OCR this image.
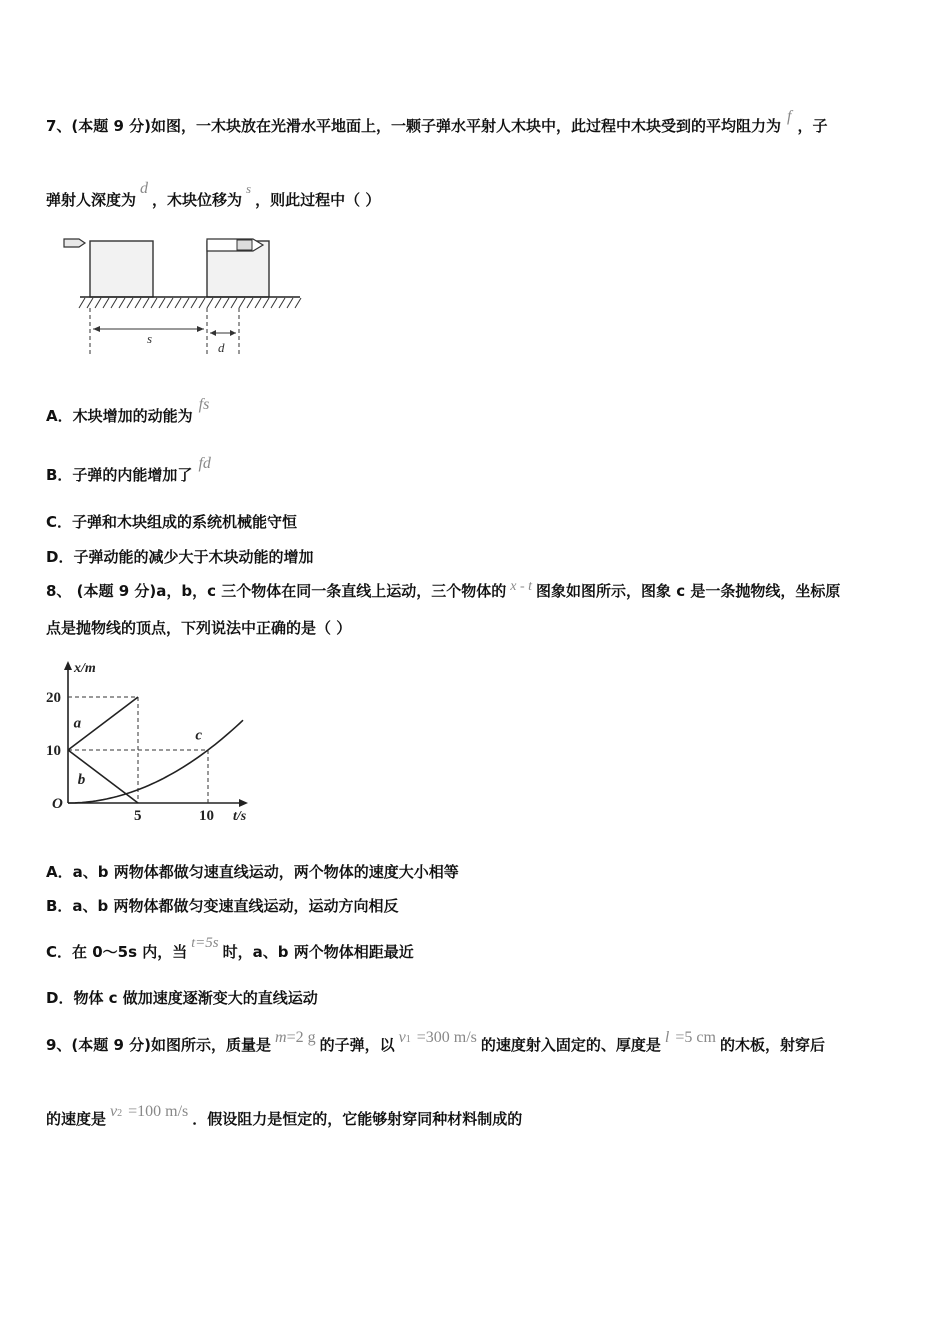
7、(本题 9 分)如图，一木块放在光滑水平地面上，一颗子弹水平射人木块中，此过程中木块受到的平均阻力为f，子
弹射人深度为d，木块位移为s，则此过程中（ ）
s
d
A．木块增加的动能为fs
B．子弹的内能增加了fd
C．子弹和木块组成的系统机械能守恒
D．子弹动能的减少大于木块动能的增加
8、 (本题 9 分)a，b，c 三个物体在同一条直线上运动，三个物体的 x - t 图象如图所示，图象 c 是一条抛物线，坐标原
点是抛物线的顶点，下列说法中正确的是（ ）
x/m
t/s
O
5	10
10
20
a
b
c
A．a、b 两物体都做匀速直线运动，两个物体的速度大小相等
B．a、b 两物体都做匀变速直线运动，运动方向相反
C．在 0～5s 内，当 t=5s 时，a、b 两个物体相距最近
D．物体 c 做加速度逐渐变大的直线运动
9、(本题 9 分)如图所示，质量是 m=2 g 的子弹，以 v1 =300 m/s 的速度射入固定的、厚度是 l =5 cm 的木板，射穿后
的速度是 v2 =100 m/s ．假设阻力是恒定的，它能够射穿同种材料制成的
